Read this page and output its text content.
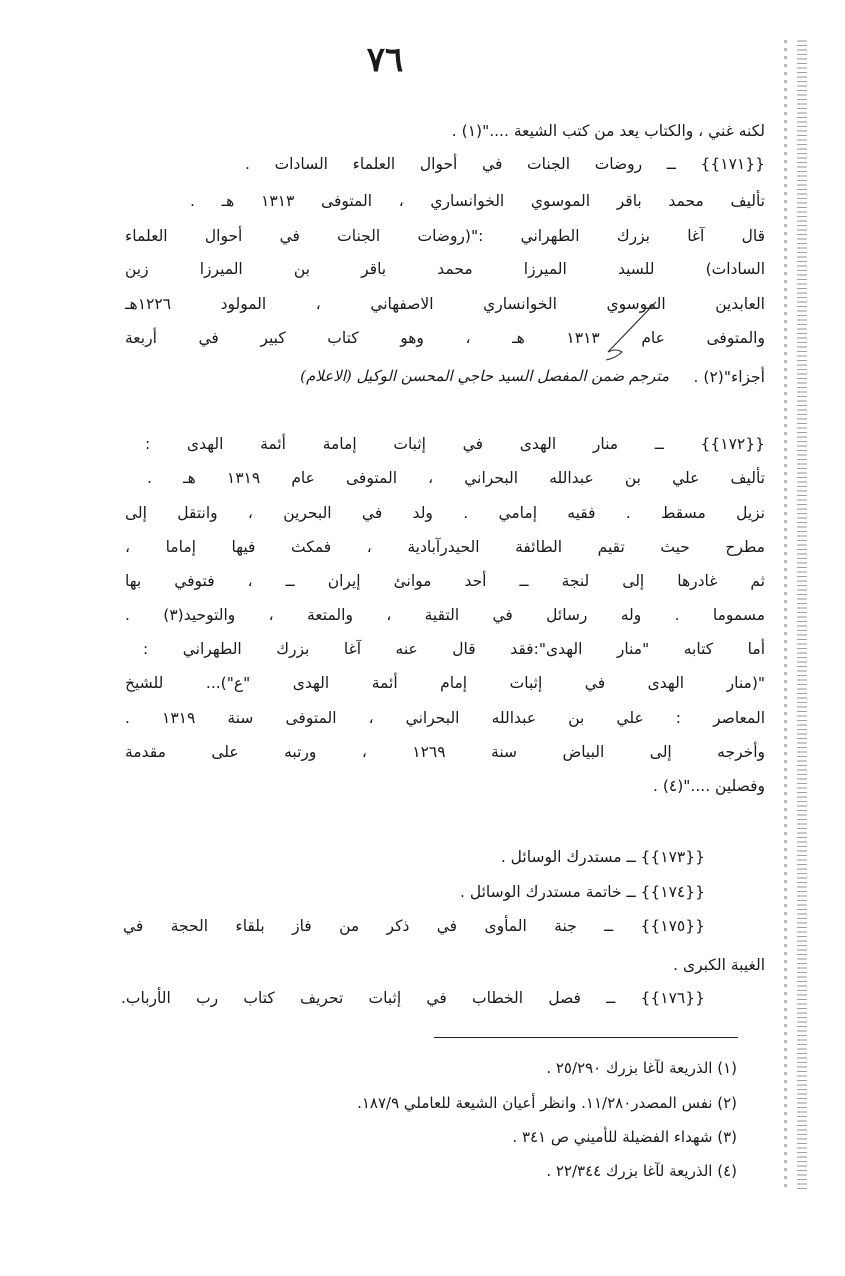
٧٦
لكنه غني ، والكتاب يعد من كتب الشيعة ...."(١) .
{{١٧١}} ــ روضات الجنات في أحوال العلماء السادات .
تأليف محمد باقر الموسوي الخوانساري ، المتوفى ١٣١٣ هـ .
قال آغا بزرك الطهراني :"(روضات الجنات في أحوال العلماء
السادات) للسيد الميرزا محمد باقر بن الميرزا زين
العابدين الموسوي الخوانساري الاصفهاني ، المولود ١٢٢٦هـ
والمتوفى عام ١٣١٣ هـ ، وهو كتاب كبير في أربعة
أجزاء"(٢) .
مترجم ضمن المفصل السيد حاجي المحسن الوكيل (الاعلام)
{{١٧٢}} ــ منار الهدى في إثبات إمامة أئمة الهدى :
تأليف علي بن عبدالله البحراني ، المتوفى عام ١٣١٩ هـ .
نزيل مسقط . فقيه إمامي . ولد في البحرين ، وانتقل إلى
مطرح حيث تقيم الطائفة الحيدرآبادية ، فمكث فيها إماما ،
ثم غادرها إلى لنجة ــ أحد موانئ إيران ــ ، فتوفي بها
مسموما . وله رسائل في التقية ، والمتعة ، والتوحيد(٣) .
أما كتابه "منار الهدى":فقد قال عنه آغا بزرك الطهراني :
"(منار الهدى في إثبات إمام أئمة الهدى "ع")... للشيخ
المعاصر : علي بن عبدالله البحراني ، المتوفى سنة ١٣١٩ .
وأخرجه إلى البياض سنة ١٢٦٩ ، ورتبه على مقدمة
وفصلين ...."(٤) .
{{١٧٣}} ــ مستدرك الوسائل .
{{١٧٤}} ــ خاتمة مستدرك الوسائل .
{{١٧٥}} ــ جنة المأوى في ذكر من فاز بلقاء الحجة في
الغيبة الكبرى .
{{١٧٦}} ــ فصل الخطاب في إثبات تحريف كتاب رب الأرباب.
(١) الذريعة لآغا بزرك ٢٥/٢٩٠ .
(٢) نفس المصدر١١/٢٨٠. وانظر أعيان الشيعة للعاملي ١٨٧/٩.
(٣) شهداء الفضيلة للأميني ص ٣٤١ .
(٤) الذريعة لآغا بزرك ٢٢/٣٤٤ .
